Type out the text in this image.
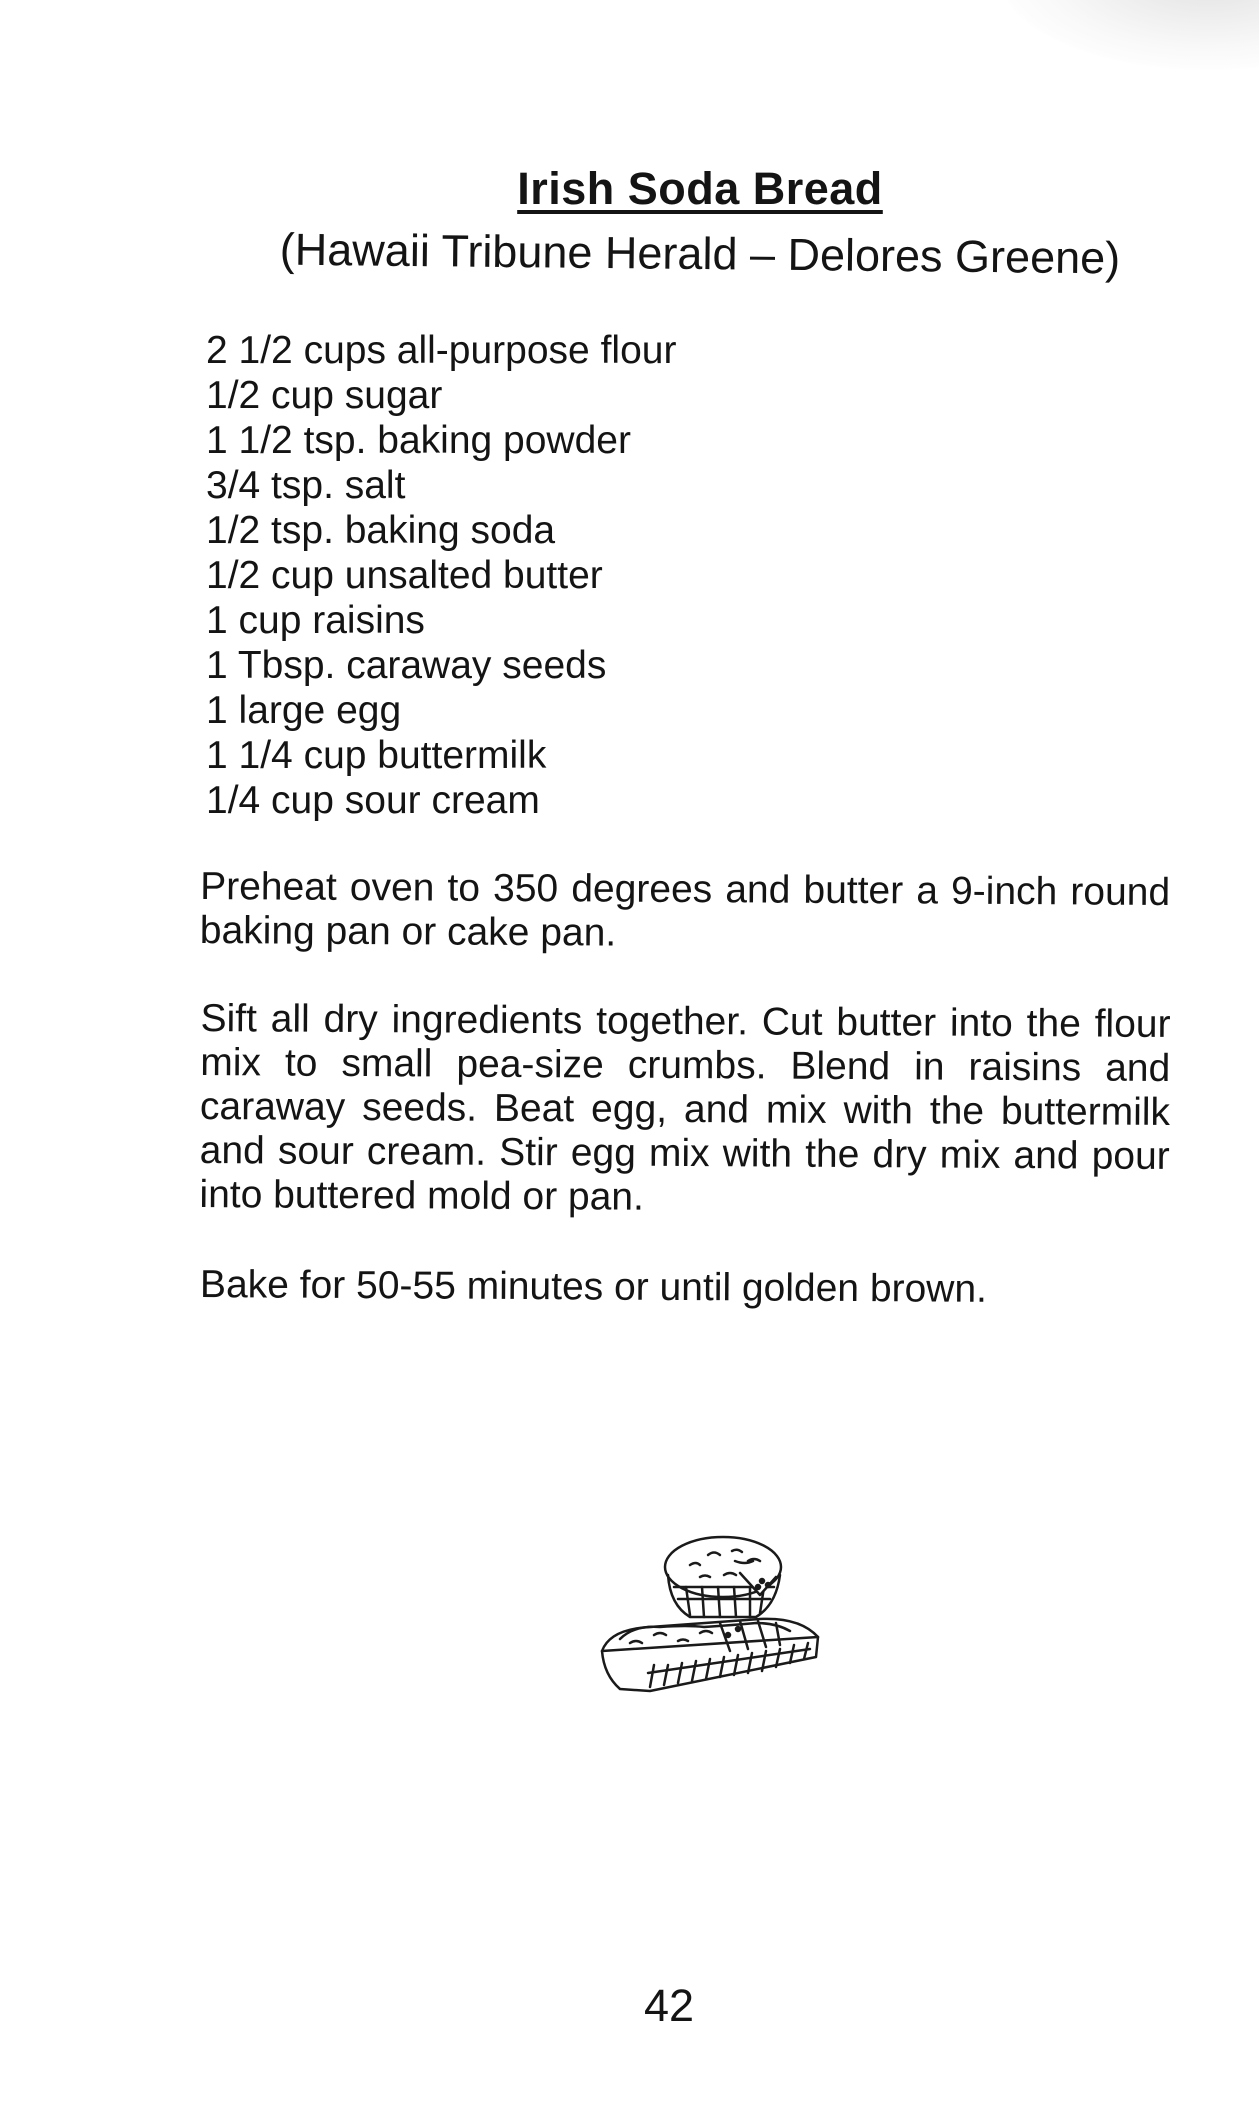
Irish Soda Bread
(Hawaii Tribune Herald – Delores Greene)
2 1/2 cups all-purpose flour
1/2 cup sugar
1 1/2 tsp. baking powder
3/4 tsp. salt
1/2 tsp. baking soda
1/2 cup unsalted butter
1 cup raisins
1 Tbsp. caraway seeds
1 large egg
1 1/4 cup buttermilk
1/4 cup sour cream

Preheat oven to 350 degrees and butter a 9-inch round baking pan or cake pan.

Sift all dry ingredients together. Cut butter into the flour mix to small pea-size crumbs. Blend in raisins and caraway seeds. Beat egg, and mix with the buttermilk and sour cream. Stir egg mix with the dry mix and pour into buttered mold or pan.

Bake for 50-55 minutes or until golden brown.

42
